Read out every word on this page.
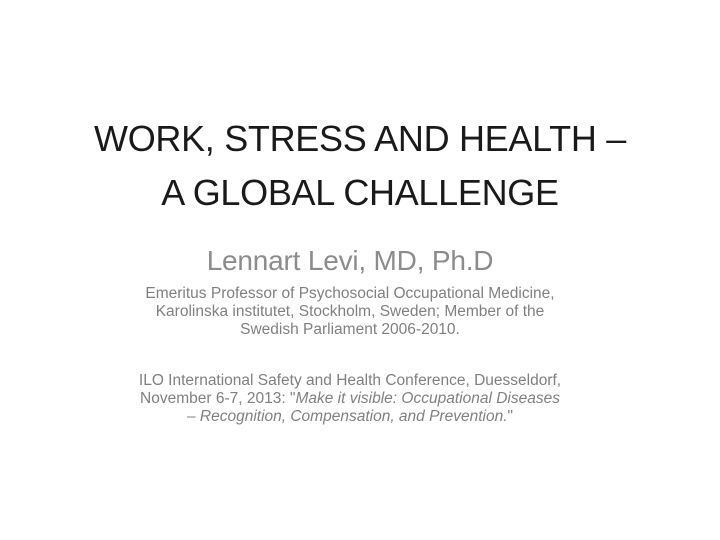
WORK, STRESS AND HEALTH –
A GLOBAL CHALLENGE
Lennart Levi, MD, Ph.D
Emeritus Professor of Psychosocial Occupational Medicine,
Karolinska institutet, Stockholm, Sweden; Member of the
Swedish Parliament 2006-2010.
ILO International Safety and Health Conference, Duesseldorf,
November 6-7, 2013: "Make it visible: Occupational Diseases
– Recognition, Compensation, and Prevention."
